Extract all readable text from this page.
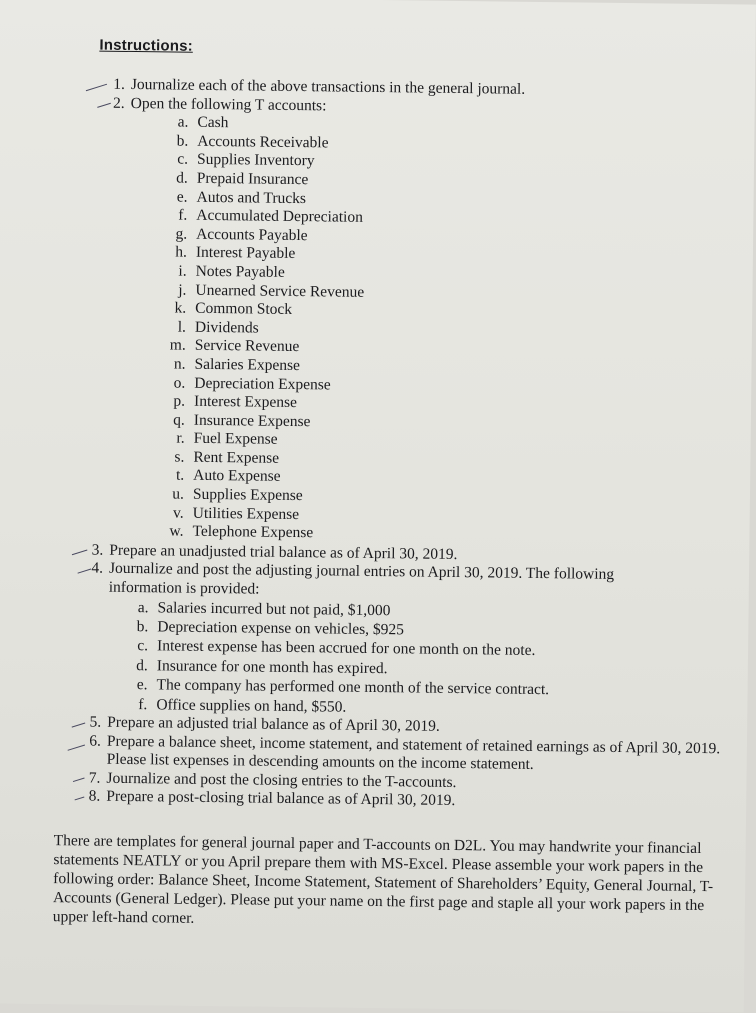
Instructions:
1. Journalize each of the above transactions in the general journal.
2. Open the following T accounts:
a. Cash
b. Accounts Receivable
c. Supplies Inventory
d. Prepaid Insurance
e. Autos and Trucks
f. Accumulated Depreciation
g. Accounts Payable
h. Interest Payable
i. Notes Payable
j. Unearned Service Revenue
k. Common Stock
l. Dividends
m. Service Revenue
n. Salaries Expense
o. Depreciation Expense
p. Interest Expense
q. Insurance Expense
r. Fuel Expense
s. Rent Expense
t. Auto Expense
u. Supplies Expense
v. Utilities Expense
w. Telephone Expense
3. Prepare an unadjusted trial balance as of April 30, 2019.
4. Journalize and post the adjusting journal entries on April 30, 2019. The following information is provided:
a. Salaries incurred but not paid, $1,000
b. Depreciation expense on vehicles, $925
c. Interest expense has been accrued for one month on the note.
d. Insurance for one month has expired.
e. The company has performed one month of the service contract.
f. Office supplies on hand, $550.
5. Prepare an adjusted trial balance as of April 30, 2019.
6. Prepare a balance sheet, income statement, and statement of retained earnings as of April 30, 2019. Please list expenses in descending amounts on the income statement.
7. Journalize and post the closing entries to the T-accounts.
8. Prepare a post-closing trial balance as of April 30, 2019.

There are templates for general journal paper and T-accounts on D2L. You may handwrite your financial statements NEATLY or you April prepare them with MS-Excel. Please assemble your work papers in the following order: Balance Sheet, Income Statement, Statement of Shareholders’ Equity, General Journal, T-Accounts (General Ledger). Please put your name on the first page and staple all your work papers in the upper left-hand corner.
